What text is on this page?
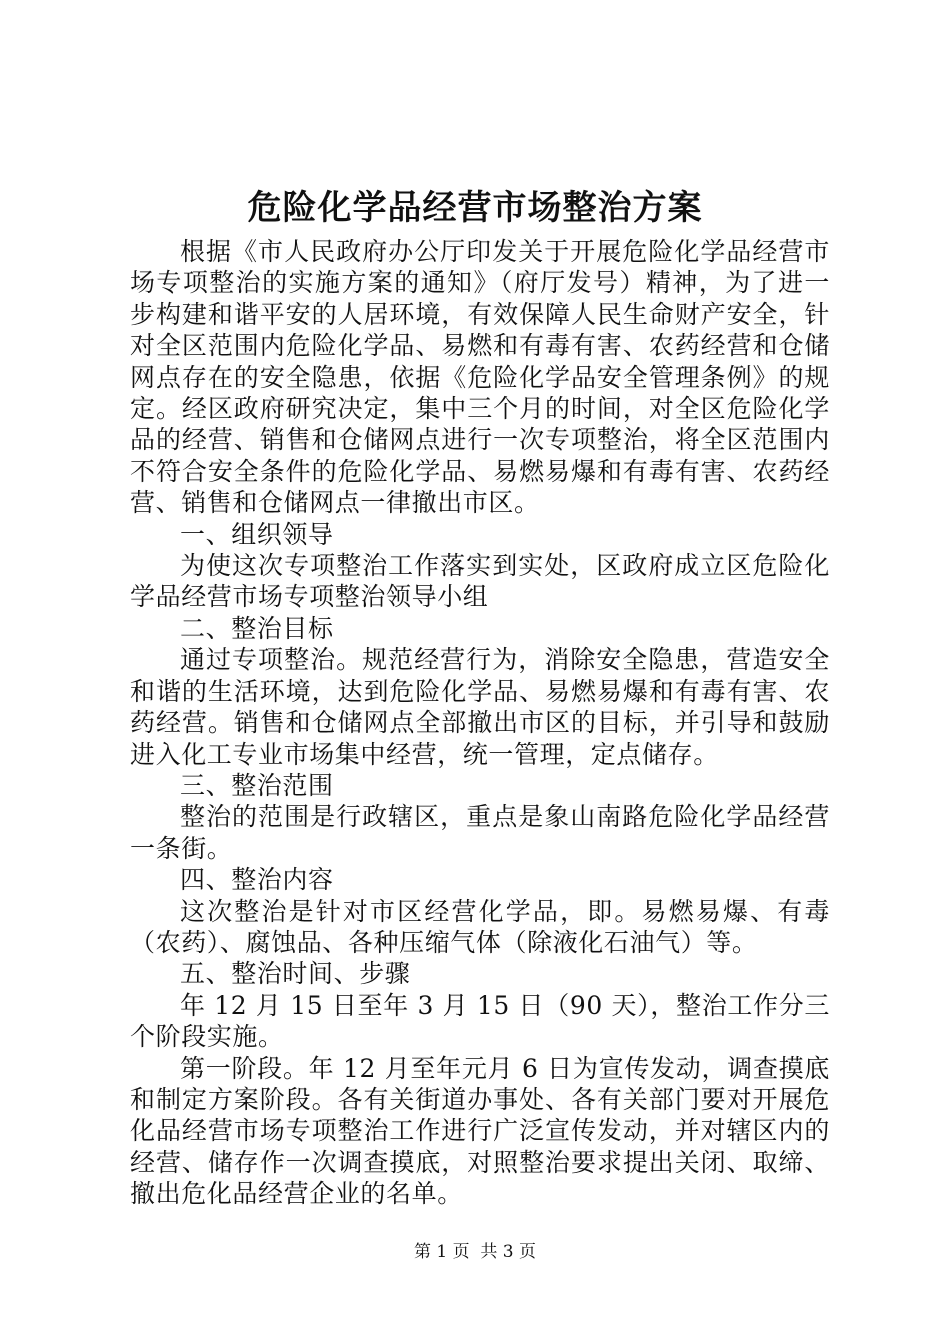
危险化学品经营市场整治方案

根据《市人民政府办公厅印发关于开展危险化学品经营市场专项整治的实施方案的通知》（府厅发号）精神，为了进一步构建和谐平安的人居环境，有效保障人民生命财产安全，针对全区范围内危险化学品、易燃和有毒有害、农药经营和仓储网点存在的安全隐患，依据《危险化学品安全管理条例》的规定。经区政府研究决定，集中三个月的时间，对全区危险化学品的经营、销售和仓储网点进行一次专项整治，将全区范围内不符合安全条件的危险化学品、易燃易爆和有毒有害、农药经营、销售和仓储网点一律撤出市区。

一、组织领导

为使这次专项整治工作落实到实处，区政府成立区危险化学品经营市场专项整治领导小组

二、整治目标

通过专项整治。规范经营行为，消除安全隐患，营造安全和谐的生活环境，达到危险化学品、易燃易爆和有毒有害、农药经营。销售和仓储网点全部撤出市区的目标，并引导和鼓励进入化工专业市场集中经营，统一管理，定点储存。

三、整治范围

整治的范围是行政辖区，重点是象山南路危险化学品经营一条街。

四、整治内容

这次整治是针对市区经营化学品，即。易燃易爆、有毒（农药）、腐蚀品、各种压缩气体（除液化石油气）等。

五、整治时间、步骤

年 12 月 15 日至年 3 月 15 日（90 天），整治工作分三个阶段实施。

第一阶段。年 12 月至年元月 6 日为宣传发动，调查摸底和制定方案阶段。各有关街道办事处、各有关部门要对开展危化品经营市场专项整治工作进行广泛宣传发动，并对辖区内的经营、储存作一次调查摸底，对照整治要求提出关闭、取缔、撤出危化品经营企业的名单。

第 1 页 共 3 页
